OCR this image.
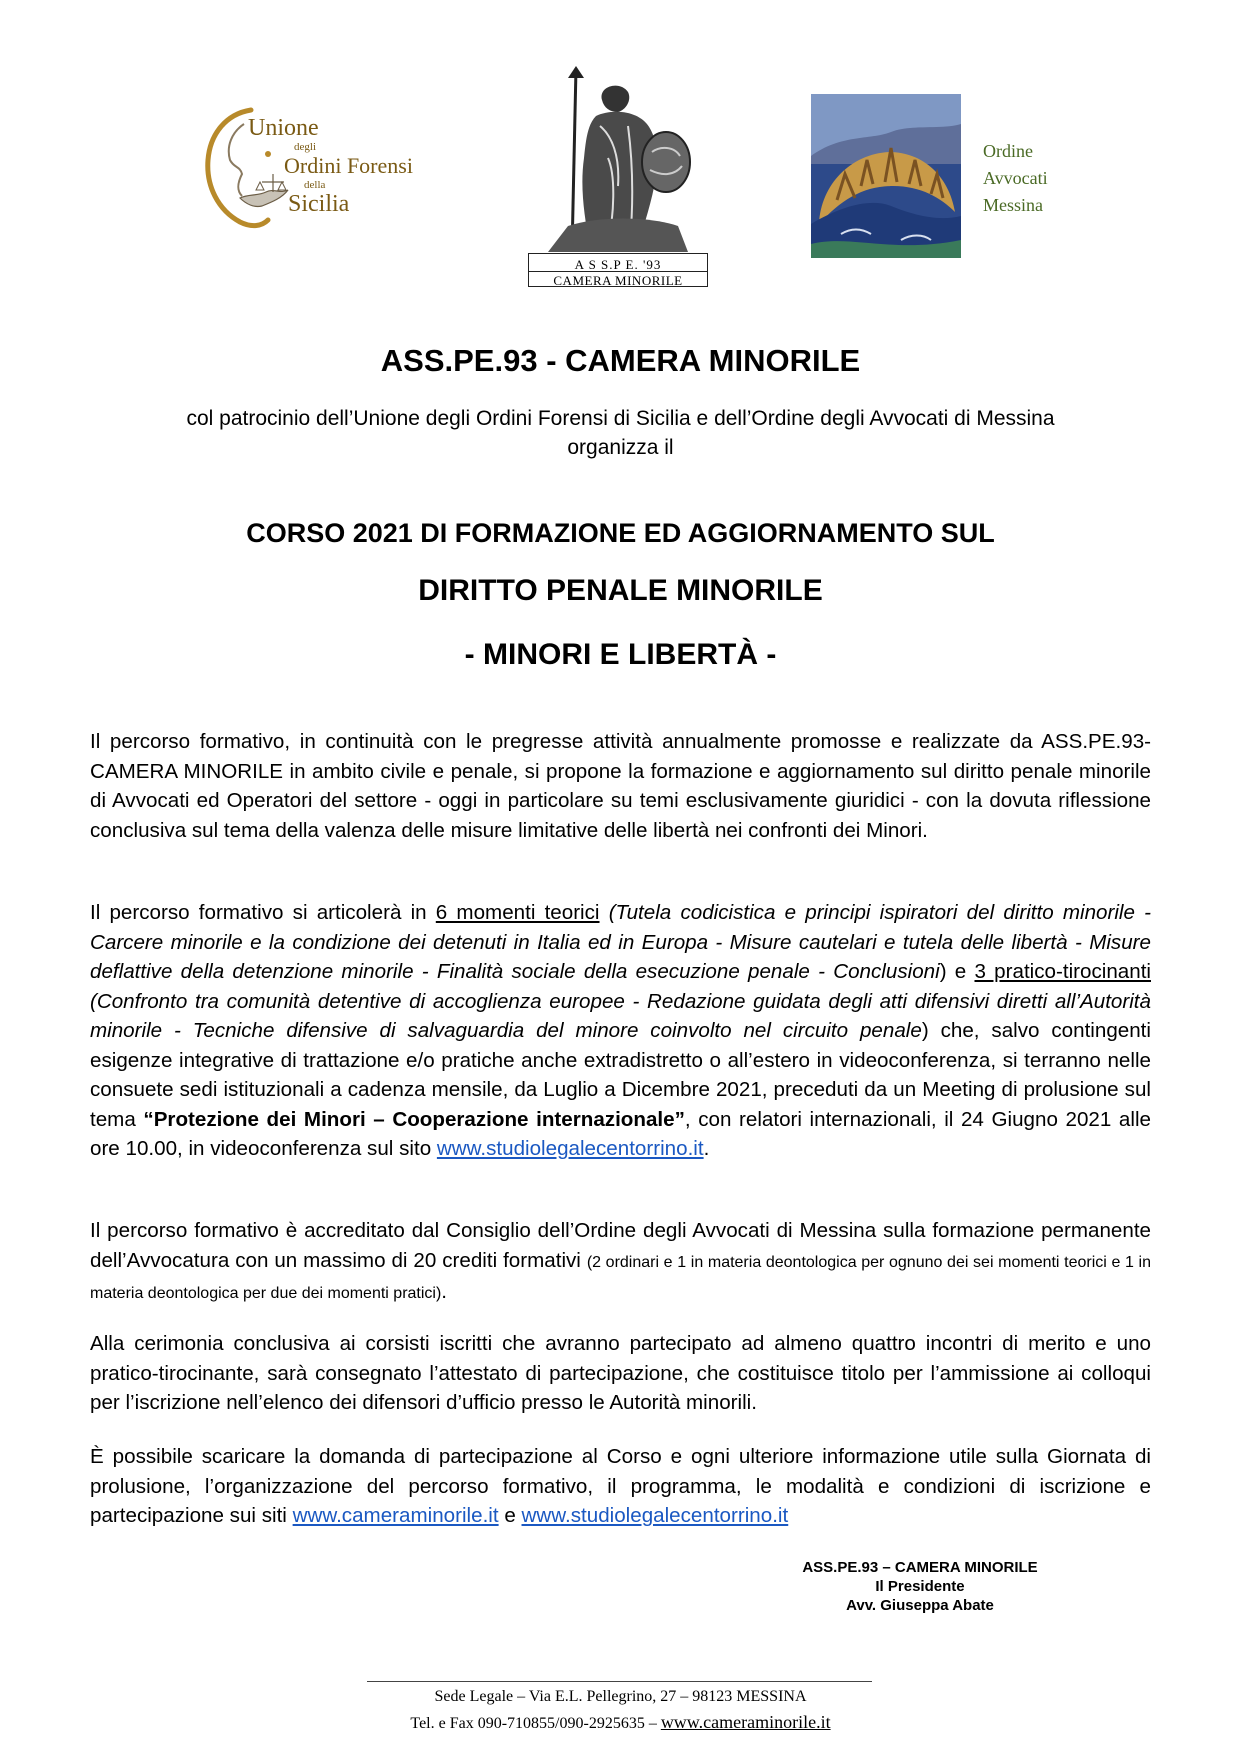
Unione
degli
Ordini Forensi
della
Sicilia
A S S.P E. '93
CAMERA MINORILE
Ordine
Avvocati
Messina
ASS.PE.93 - CAMERA MINORILE
col patrocinio dell’Unione degli Ordini Forensi di Sicilia e dell’Ordine degli Avvocati di Messina
organizza il
CORSO 2021 DI FORMAZIONE ED AGGIORNAMENTO SUL
DIRITTO PENALE MINORILE
- MINORI E LIBERTÀ -
Il percorso formativo, in continuità con le pregresse attività annualmente promosse e realizzate da ASS.PE.93-CAMERA MINORILE in ambito civile e penale, si propone la formazione e aggiornamento sul diritto penale minorile di Avvocati ed Operatori del settore - oggi in particolare su temi esclusivamente giuridici - con la dovuta riflessione conclusiva sul tema della valenza delle misure limitative delle libertà nei confronti dei Minori.
Il percorso formativo si articolerà in 6 momenti teorici (Tutela codicistica e principi ispiratori del diritto minorile - Carcere minorile e la condizione dei detenuti in Italia ed in Europa - Misure cautelari e tutela delle libertà - Misure deflattive della detenzione minorile - Finalità sociale della esecuzione penale - Conclusioni) e 3 pratico-tirocinanti (Confronto tra comunità detentive di accoglienza europee - Redazione guidata degli atti difensivi diretti all’Autorità minorile - Tecniche difensive di salvaguardia del minore coinvolto nel circuito penale) che, salvo contingenti esigenze integrative di trattazione e/o pratiche anche extradistretto o all’estero in videoconferenza, si terranno nelle consuete sedi istituzionali a cadenza mensile, da Luglio a Dicembre 2021, preceduti da un Meeting di prolusione sul tema “Protezione dei Minori – Cooperazione internazionale”, con relatori internazionali, il 24 Giugno 2021 alle ore 10.00, in videoconferenza sul sito www.studiolegalecentorrino.it.
Il percorso formativo è accreditato dal Consiglio dell’Ordine degli Avvocati di Messina sulla formazione permanente dell’Avvocatura con un massimo di 20 crediti formativi (2 ordinari e 1 in materia deontologica per ognuno dei sei momenti teorici e 1 in materia deontologica per due dei momenti pratici).
Alla cerimonia conclusiva ai corsisti iscritti che avranno partecipato ad almeno quattro incontri di merito e uno pratico-tirocinante, sarà consegnato l’attestato di partecipazione, che costituisce titolo per l’ammissione ai colloqui per l’iscrizione nell’elenco dei difensori d’ufficio presso le Autorità minorili.
È possibile scaricare la domanda di partecipazione al Corso e ogni ulteriore informazione utile sulla Giornata di prolusione, l’organizzazione del percorso formativo, il programma, le modalità e condizioni di iscrizione e partecipazione sui siti www.cameraminorile.it e www.studiolegalecentorrino.it
ASS.PE.93 – CAMERA MINORILE
Il Presidente
Avv. Giuseppa Abate
Sede Legale – Via E.L. Pellegrino, 27 – 98123 MESSINA
Tel. e Fax 090-710855/090-2925635 – www.cameraminorile.it
